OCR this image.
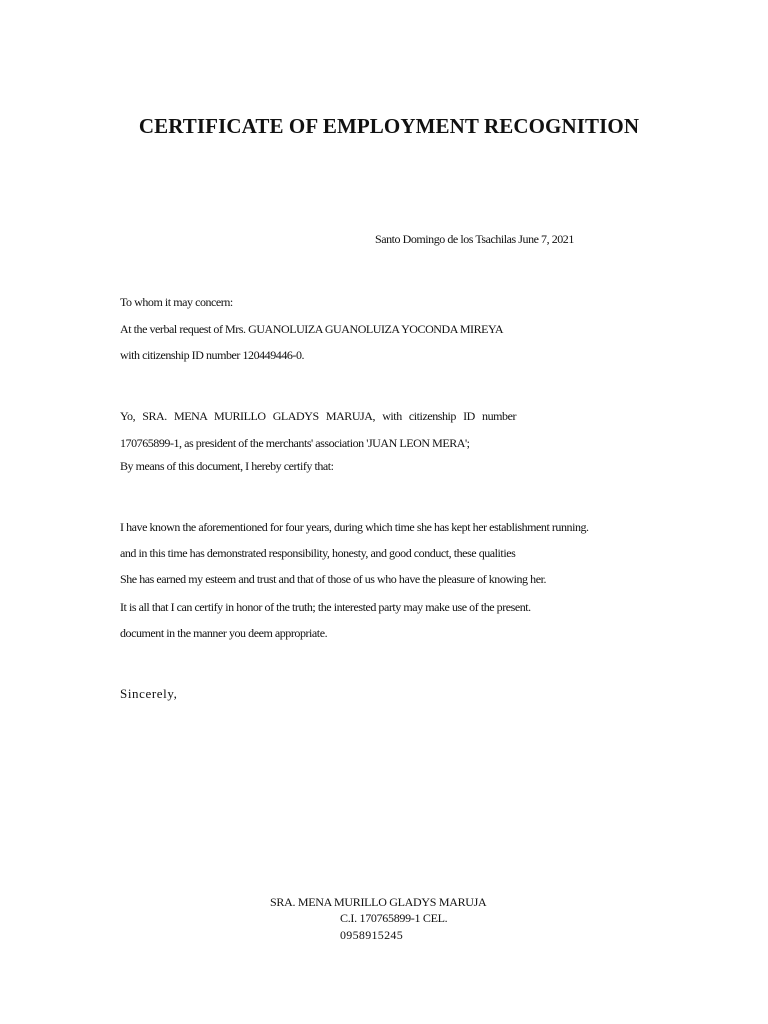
CERTIFICATE OF EMPLOYMENT RECOGNITION
Santo Domingo de los Tsachilas June 7, 2021
To whom it may concern:
At the verbal request of Mrs. GUANOLUIZA GUANOLUIZA YOCONDA MIREYA
with citizenship ID number 120449446-0.
Yo, SRA. MENA MURILLO GLADYS MARUJA, with citizenship ID number
170765899-1, as president of the merchants' association 'JUAN LEON MERA';
By means of this document, I hereby certify that:
I have known the aforementioned for four years, during which time she has kept her establishment running.
and in this time has demonstrated responsibility, honesty, and good conduct, these qualities
She has earned my esteem and trust and that of those of us who have the pleasure of knowing her.
It is all that I can certify in honor of the truth; the interested party may make use of the present.
document in the manner you deem appropriate.
Sincerely,
SRA. MENA MURILLO GLADYS MARUJA
C.I. 170765899-1 CEL.
0958915245
